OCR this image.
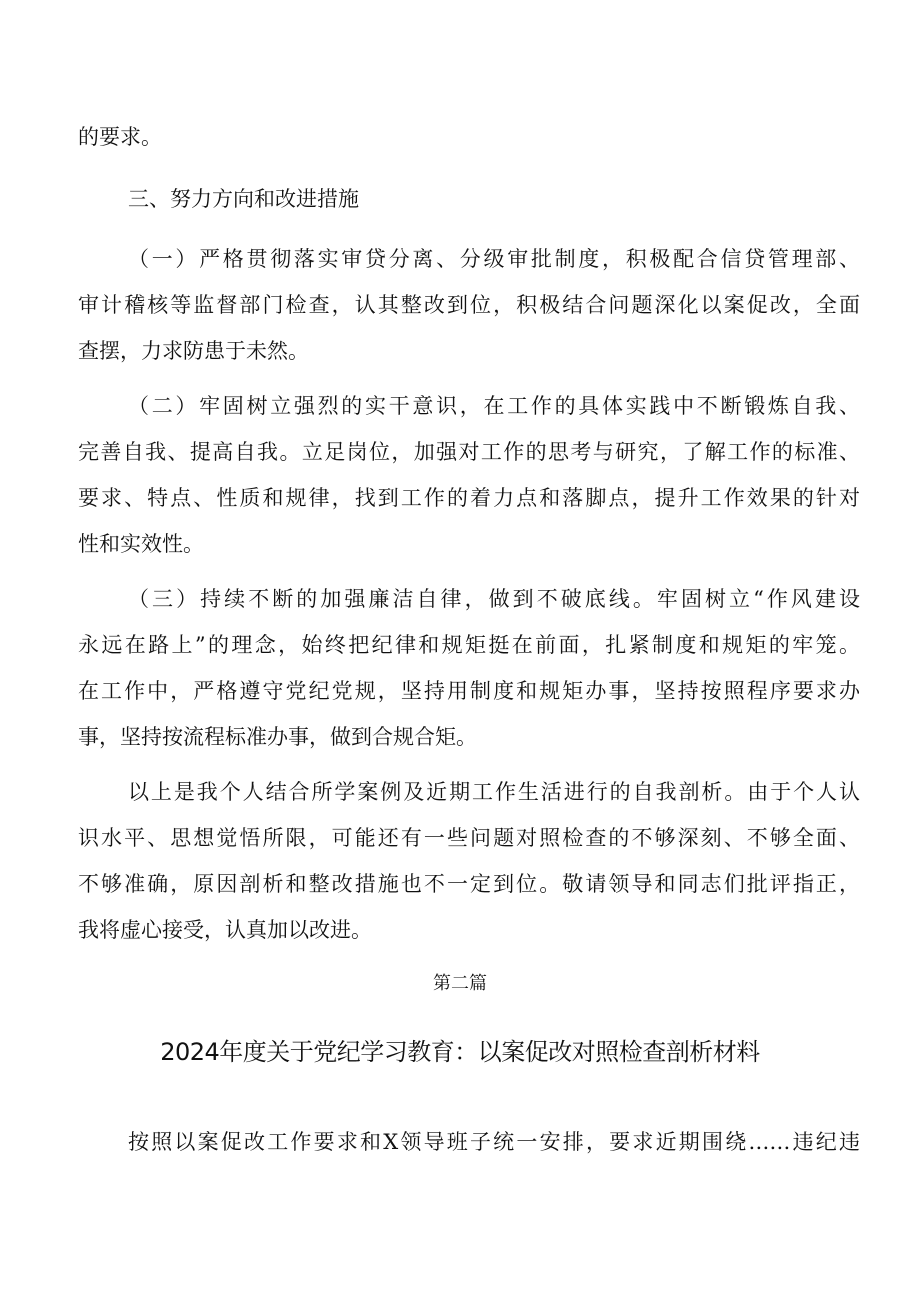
的要求。
三、努力方向和改进措施
（一）严格贯彻落实审贷分离、分级审批制度，积极配合信贷管理部、
审计稽核等监督部门检查，认其整改到位，积极结合问题深化以案促改，全面
查摆，力求防患于未然。
（二）牢固树立强烈的实干意识，在工作的具体实践中不断锻炼自我、
完善自我、提高自我。立足岗位，加强对工作的思考与研究，了解工作的标准、
要求、特点、性质和规律，找到工作的着力点和落脚点，提升工作效果的针对
性和实效性。
（三）持续不断的加强廉洁自律，做到不破底线。牢固树立“作风建设
永远在路上”的理念，始终把纪律和规矩挺在前面，扎紧制度和规矩的牢笼。
在工作中，严格遵守党纪党规，坚持用制度和规矩办事，坚持按照程序要求办
事，坚持按流程标准办事，做到合规合矩。
以上是我个人结合所学案例及近期工作生活进行的自我剖析。由于个人认
识水平、思想觉悟所限，可能还有一些问题对照检查的不够深刻、不够全面、
不够准确，原因剖析和整改措施也不一定到位。敬请领导和同志们批评指正，
我将虚心接受，认真加以改进。
第二篇
2024年度关于党纪学习教育：以案促改对照检查剖析材料
按照以案促改工作要求和X领导班子统一安排，要求近期围绕……违纪违
